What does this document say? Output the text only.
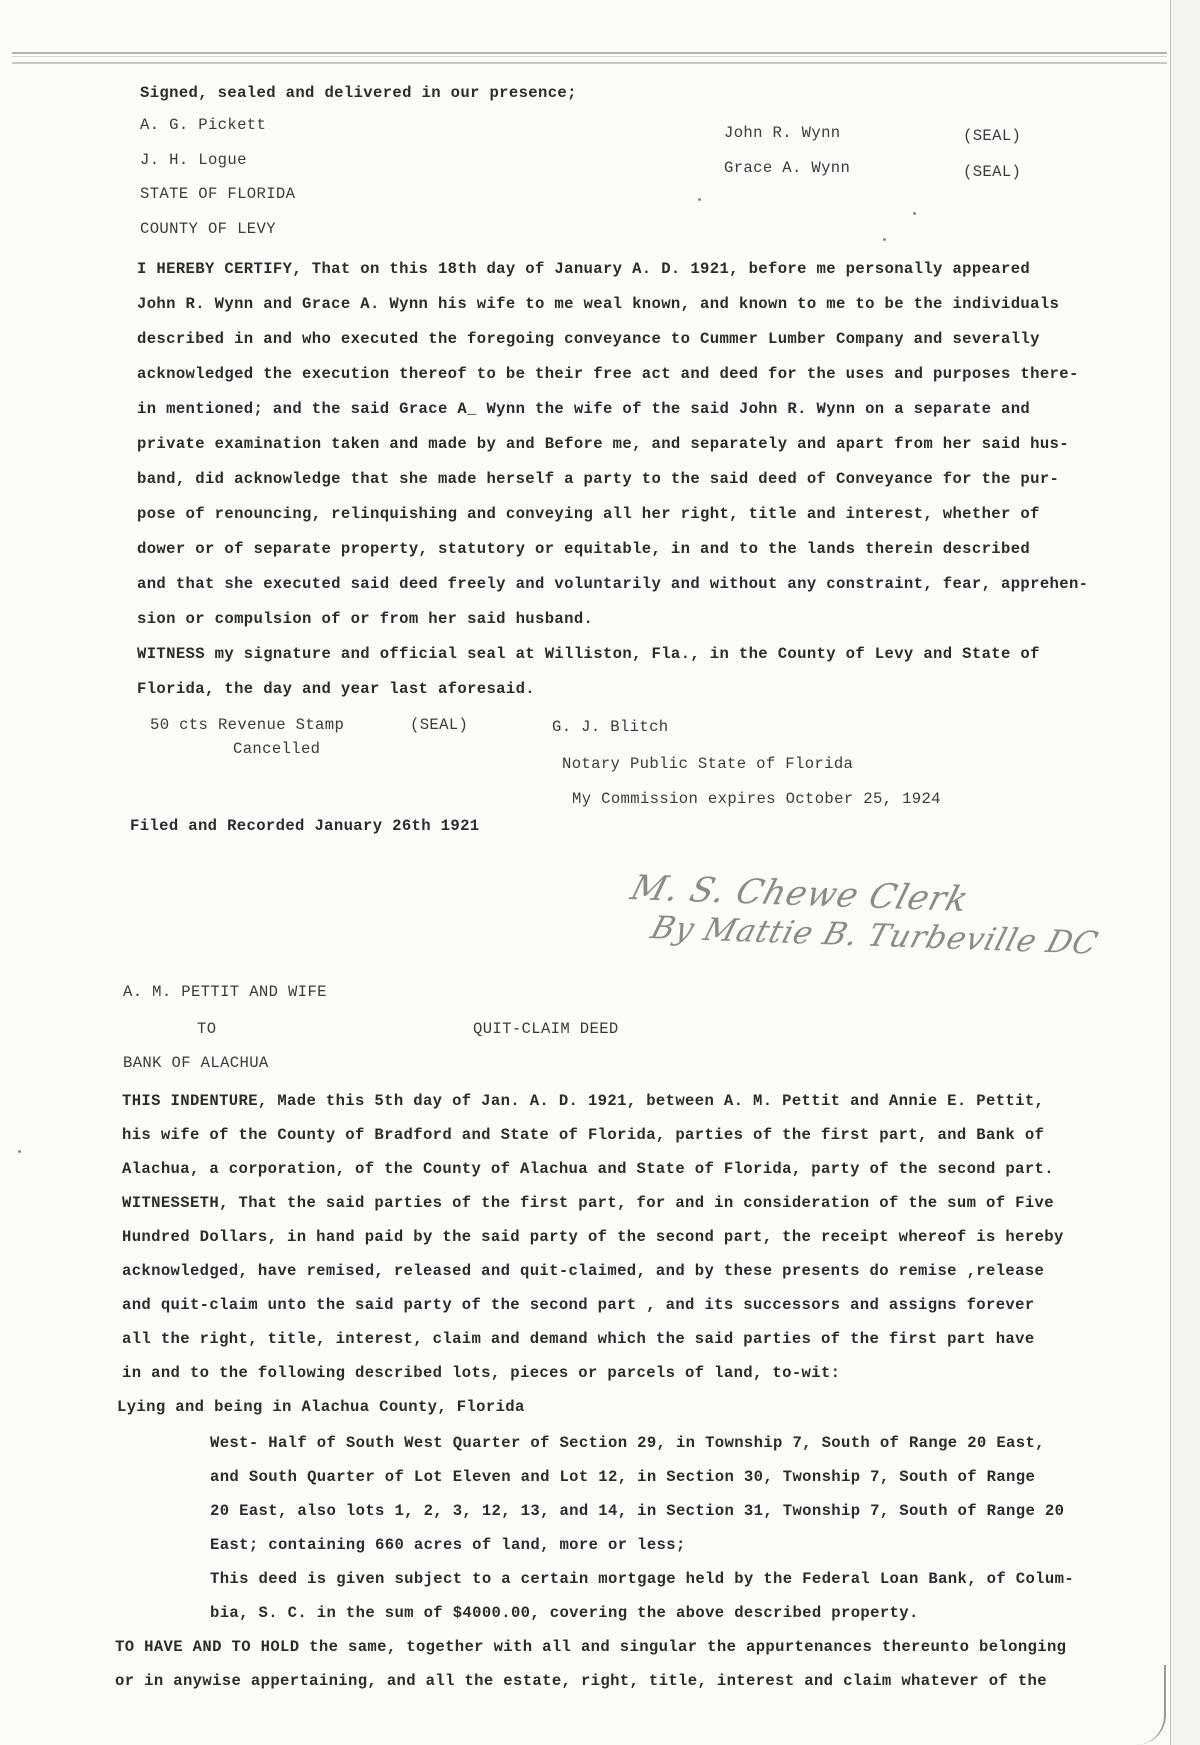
Signed, sealed and delivered in our presence;
A. G. Pickett
J. H. Logue
John R. Wynn	(SEAL)
Grace A. Wynn	(SEAL)
STATE OF FLORIDA
COUNTY OF LEVY
I HEREBY CERTIFY, That on this 18th day of January A. D. 1921, before me personally appeared
John R. Wynn and Grace A. Wynn his wife to me weal known, and known to me to be the individuals
described in and who executed the foregoing conveyance to Cummer Lumber Company and severally
acknowledged the execution thereof to be their free act and deed for the uses and purposes there-
in mentioned; and the said Grace A_ Wynn the wife of the said John R. Wynn on a separate and
private examination taken and made by and Before me, and separately and apart from her said hus-
band, did acknowledge that she made herself a party to the said deed of Conveyance for the pur-
pose of renouncing, relinquishing and conveying all her right, title and interest, whether of
dower or of separate property, statutory or equitable, in and to the lands therein described
and that she executed said deed freely and voluntarily and without any constraint, fear, apprehen-
sion or compulsion of or from her said husband.
WITNESS my signature and official seal at Williston, Fla., in the County of Levy and State of
Florida, the day and year last aforesaid.
50 cts Revenue Stamp
Cancelled
(SEAL)	G. J. Blitch
Notary Public State of Florida
My Commission expires October 25, 1924
Filed and Recorded January 26th 1921
M. S. Chewe Clerk
By Mattie B. Turbeville DC
A. M. PETTIT AND WIFE
TO	QUIT-CLAIM DEED
BANK OF ALACHUA
THIS INDENTURE, Made this 5th day of Jan. A. D. 1921, between A. M. Pettit and Annie E. Pettit,
his wife of the County of Bradford and State of Florida, parties of the first part, and Bank of
Alachua, a corporation, of the County of Alachua and State of Florida, party of the second part.
WITNESSETH, That the said parties of the first part, for and in consideration of the sum of Five
Hundred Dollars, in hand paid by the said party of the second part, the receipt whereof is hereby
acknowledged, have remised, released and quit-claimed, and by these presents do remise ,release
and quit-claim unto the said party of the second part , and its successors and assigns forever
all the right, title, interest, claim and demand which the said parties of the first part have
in and to the following described lots, pieces or parcels of land, to-wit:
Lying and being in Alachua County, Florida
West- Half of South West Quarter of Section 29, in Township 7, South of Range 20 East,
and South Quarter of Lot Eleven and Lot 12, in Section 30, Twonship 7, South of Range
20 East, also lots 1, 2, 3, 12, 13, and 14, in Section 31, Twonship 7, South of Range 20
East; containing 660 acres of land, more or less;
This deed is given subject to a certain mortgage held by the Federal Loan Bank, of Colum-
bia, S. C. in the sum of $4000.00, covering the above described property.
TO HAVE AND TO HOLD the same, together with all and singular the appurtenances thereunto belonging
or in anywise appertaining, and all the estate, right, title, interest and claim whatever of the
